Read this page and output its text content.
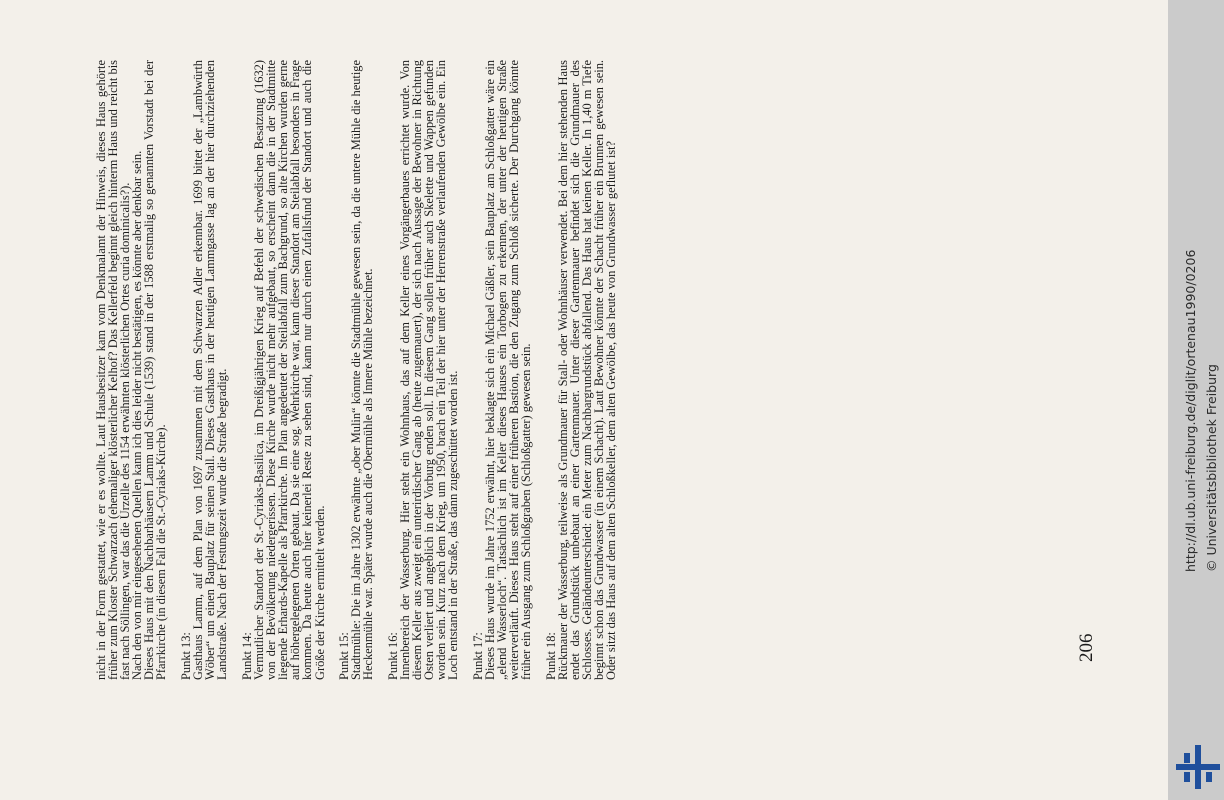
nicht in der Form gestattet, wie er es wollte. Laut Hausbesitzer kam vom Denkmalamt der Hinweis, dieses Haus gehörte früher zum Kloster Schwarzach (ehemaliger klösterlicher Kelhof? Das Kellerfeld beginnt gleich hinterm Haus und reicht bis fast nach Söllingen, war das die Urzelle des 1154 erwähnten klösterlichen Ortes curia dominicalis?).

Nach den von mir eingesehenen Quellen kann ich dies leider nicht bestätigen, es könnte aber denkbar sein.

Dieses Haus mit den Nachbarhäusern Lamm und Schule (1539) stand in der 1588 erstmalig so genannten Vorstadt bei der Pfarrkirche (in diesem Fall die St.-Cyriaks-Kirche). Punkt 13:

Gasthaus Lamm, auf dem Plan von 1697 zusammen mit dem Schwarzen Adler erkennbar. 1699 bittet der „Lambwürth Wöber“ um einen Bauplatz für seinen Stall. Dieses Gasthaus in der heutigen Lammgasse lag an der hier durchziehenden Landstraße. Nach der Festungszeit wurde die Straße begradigt. Punkt 14:

Vermutlicher Standort der St.-Cyriaks-Basilica, im Dreißigjährigen Krieg auf Befehl der schwedischen Besatzung (1632) von der Bevölkerung niedergerissen. Diese Kirche wurde nicht mehr aufgebaut, so erscheint dann die in der Stadtmitte liegende Erhards-Kapelle als Pfarrkirche. Im Plan angedeutet der Steilabfall zum Bachgrund, so alte Kirchen wurden gerne auf höhergelegenen Orten gebaut. Da sie eine sog. Wehrkirche war, kann dieser Standort am Steilabfall besonders in Frage kommen. Da heute auch hier keinerlei Reste zu sehen sind, kann nur durch einen Zufallsfund der Standort und auch die Größe der Kirche ermittelt werden. Punkt 15:

Stadtmühle: Die im Jahre 1302 erwähnte „ober Mulin“ könnte die Stadtmühle gewesen sein, da die untere Mühle die heutige Heckenmühle war. Später wurde auch die Obermühle als Innere Mühle bezeichnet. Punkt 16:

Innenbereich der Wasserburg. Hier steht ein Wohnhaus, das auf dem Keller eines Vorgängerbaues errichtet wurde. Von diesem Keller aus zweigt ein unterirdischer Gang ab (heute zugemauert), der sich nach Aussage der Bewohner in Richtung Osten verliert und angeblich in der Vorburg enden soll. In diesem Gang sollen früher auch Skelette und Wappen gefunden worden sein. Kurz nach dem Krieg, um 1950, brach ein Teil der hier unter der Herrenstraße verlaufenden Gewölbe ein. Ein Loch entstand in der Straße, das dann zugeschüttet worden ist. Punkt 17:

Dieses Haus wurde im Jahre 1752 erwähnt, hier beklagte sich ein Michael Gäßler, sein Bauplatz am Schloßgatter wäre ein „elend Wasserloch“. Tatsächlich ist im Keller dieses Hauses ein Torbogen zu erkennen, der unter der heutigen Straße weiterverläuft. Dieses Haus steht auf einer früheren Bastion, die den Zugang zum Schloß sicherte. Der Durchgang könnte früher ein Ausgang zum Schloßgraben (Schloßgatter) gewesen sein. Punkt 18:

Rückmauer der Wasserburg, teilweise als Grundmauer für Stall- oder Wohnhäuser verwendet. Bei dem hier stehenden Haus endet das Grundstück unbebaut an einer Gartenmauer. Unter dieser Gartenmauer befindet sich die Grundmauer des Schlosses. Geländeunterschied: ein Meter zum Nachbargrundstück abfallend. Das Haus hat keinen Keller. In 1,40 m Tiefe beginnt schon das Grundwasser (in einem Schacht). Laut Bewohner könnte der Schacht früher ein Brunnen gewesen sein. Oder sitzt das Haus auf dem alten Schloßkeller, dem alten Gewölbe, das heute von Grundwasser geflutet ist?	206
http://dl.ub.uni-freiburg.de/diglit/ortenau1990/0206 © Universitätsbibliothek Freiburg
